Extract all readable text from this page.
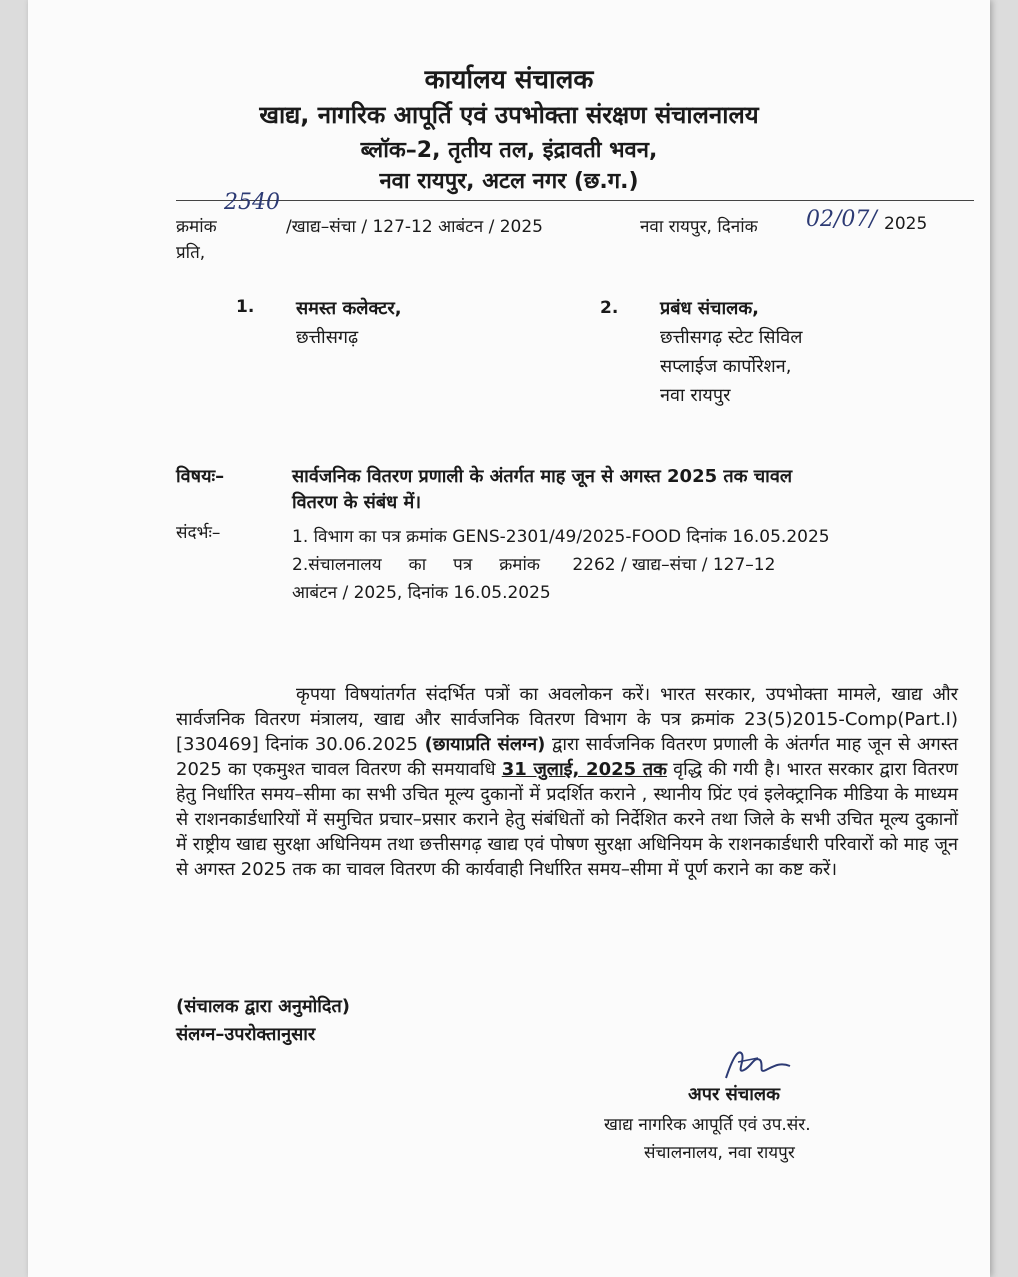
कार्यालय संचालक
खाद्य, नागरिक आपूर्ति एवं उपभोक्ता संरक्षण संचालनालय
ब्लॉक–2, तृतीय तल, इंद्रावती भवन,
नवा रायपुर, अटल नगर (छ.ग.)
क्रमांक
2540
/खाद्य–संचा / 127-12 आबंटन / 2025	नवा रायपुर, दिनांक 02/07/ 2025
प्रति,
1. समस्त कलेक्टर,
छत्तीसगढ़
2. प्रबंध संचालक,
छत्तीसगढ़ स्टेट सिविल
सप्लाईज कार्पोरेशन,
नवा रायपुर
विषयः–	सार्वजनिक वितरण प्रणाली के अंतर्गत माह जून से अगस्त 2025 तक चावल
वितरण के संबंध में।
संदर्भः–	1. विभाग का पत्र क्रमांक GENS-2301/49/2025-FOOD दिनांक 16.05.2025
2.संचालनालय     का     पत्र     क्रमांक      2262 / खाद्य–संचा / 127–12
आबंटन / 2025, दिनांक 16.05.2025

कृपया विषयांतर्गत संदर्भित पत्रों का अवलोकन करें। भारत सरकार, उपभोक्ता मामले, खाद्य और सार्वजनिक वितरण मंत्रालय, खाद्य और सार्वजनिक वितरण विभाग के पत्र क्रमांक 23(5)2015-Comp(Part.I)[330469] दिनांक 30.06.2025 (छायाप्रति संलग्न) द्वारा सार्वजनिक वितरण प्रणाली के अंतर्गत माह जून से अगस्त 2025 का एकमुश्त चावल वितरण की समयावधि 31 जुलाई, 2025 तक वृद्धि की गयी है। भारत सरकार द्वारा वितरण हेतु निर्धारित समय–सीमा का सभी उचित मूल्य दुकानों में प्रदर्शित कराने , स्थानीय प्रिंट एवं इलेक्ट्रानिक मीडिया के माध्यम से राशनकार्डधारियों में समुचित प्रचार–प्रसार कराने हेतु संबंधितों को निर्देशित करने तथा जिले के सभी उचित मूल्य दुकानों में राष्ट्रीय खाद्य सुरक्षा अधिनियम तथा छत्तीसगढ़ खाद्य एवं पोषण सुरक्षा अधिनियम के राशनकार्डधारी परिवारों को माह जून से अगस्त 2025 तक का चावल वितरण की कार्यवाही निर्धारित समय–सीमा में पूर्ण कराने का कष्ट करें।

(संचालक द्वारा अनुमोदित)
संलग्न–उपरोक्तानुसार
अपर संचालक
खाद्य नागरिक आपूर्ति एवं उप.संर.
संचालनालय, नवा रायपुर
